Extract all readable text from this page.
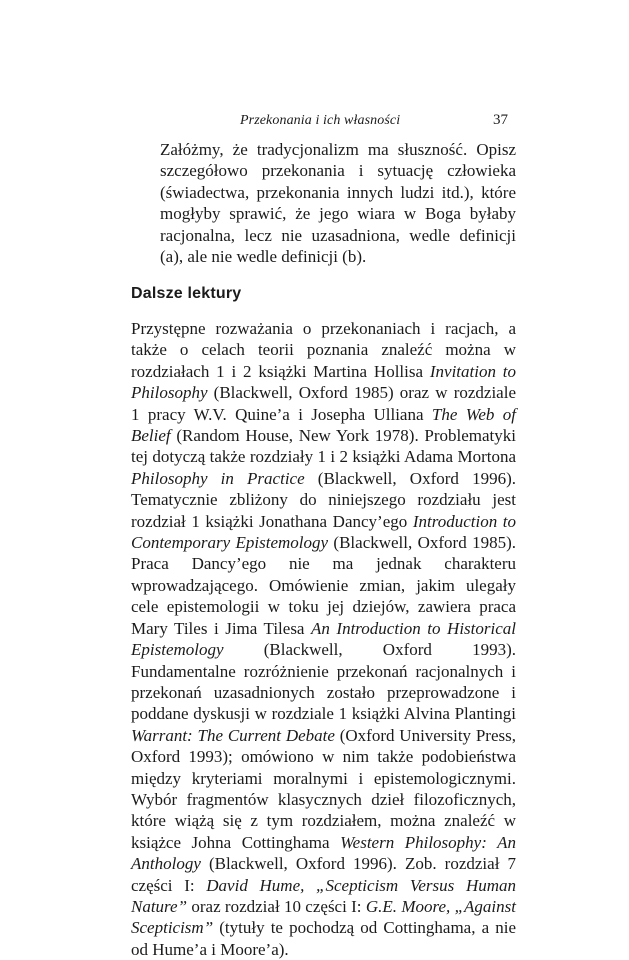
Przekonania i ich własności	37

Załóżmy, że tradycjonalizm ma słuszność. Opisz szczegółowo przekonania i sytuację człowieka (świadectwa, przekonania innych ludzi itd.), które mogłyby sprawić, że jego wiara w Boga byłaby racjonalna, lecz nie uzasadniona, wedle definicji (a), ale nie wedle definicji (b).

Dalsze lektury

Przystępne rozważania o przekonaniach i racjach, a także o celach teorii poznania znaleźć można w rozdziałach 1 i 2 książki Martina Hollisa Invitation to Philosophy (Blackwell, Oxford 1985) oraz w rozdziale 1 pracy W.V. Quine’a i Josepha Ulliana The Web of Belief (Random House, New York 1978). Problematyki tej dotyczą także rozdziały 1 i 2 książki Adama Mortona Philosophy in Practice (Blackwell, Oxford 1996). Tematycznie zbliżony do niniejszego rozdziału jest rozdział 1 książki Jonathana Dancy’ego Introduction to Contemporary Epistemology (Blackwell, Oxford 1985). Praca Dancy’ego nie ma jednak charakteru wprowadzającego. Omówienie zmian, jakim ulegały cele epistemologii w toku jej dziejów, zawiera praca Mary Tiles i Jima Tilesa An Introduction to Historical Epistemology (Blackwell, Oxford 1993). Fundamentalne rozróżnienie przekonań racjonalnych i przekonań uzasadnionych zostało przeprowadzone i poddane dyskusji w rozdziale 1 książki Alvina Plantingi Warrant: The Current Debate (Oxford University Press, Oxford 1993); omówiono w nim także podobieństwa między kryteriami moralnymi i epistemologicznymi. Wybór fragmentów klasycznych dzieł filozoficznych, które wiążą się z tym rozdziałem, można znaleźć w książce Johna Cottinghama Western Philosophy: An Anthology (Blackwell, Oxford 1996). Zob. rozdział 7 części I: David Hume, „Scepticism Versus Human Nature” oraz rozdział 10 części I: G.E. Moore, „Against Scepticism” (tytuły te pochodzą od Cottinghama, a nie od Hume’a i Moore’a).
